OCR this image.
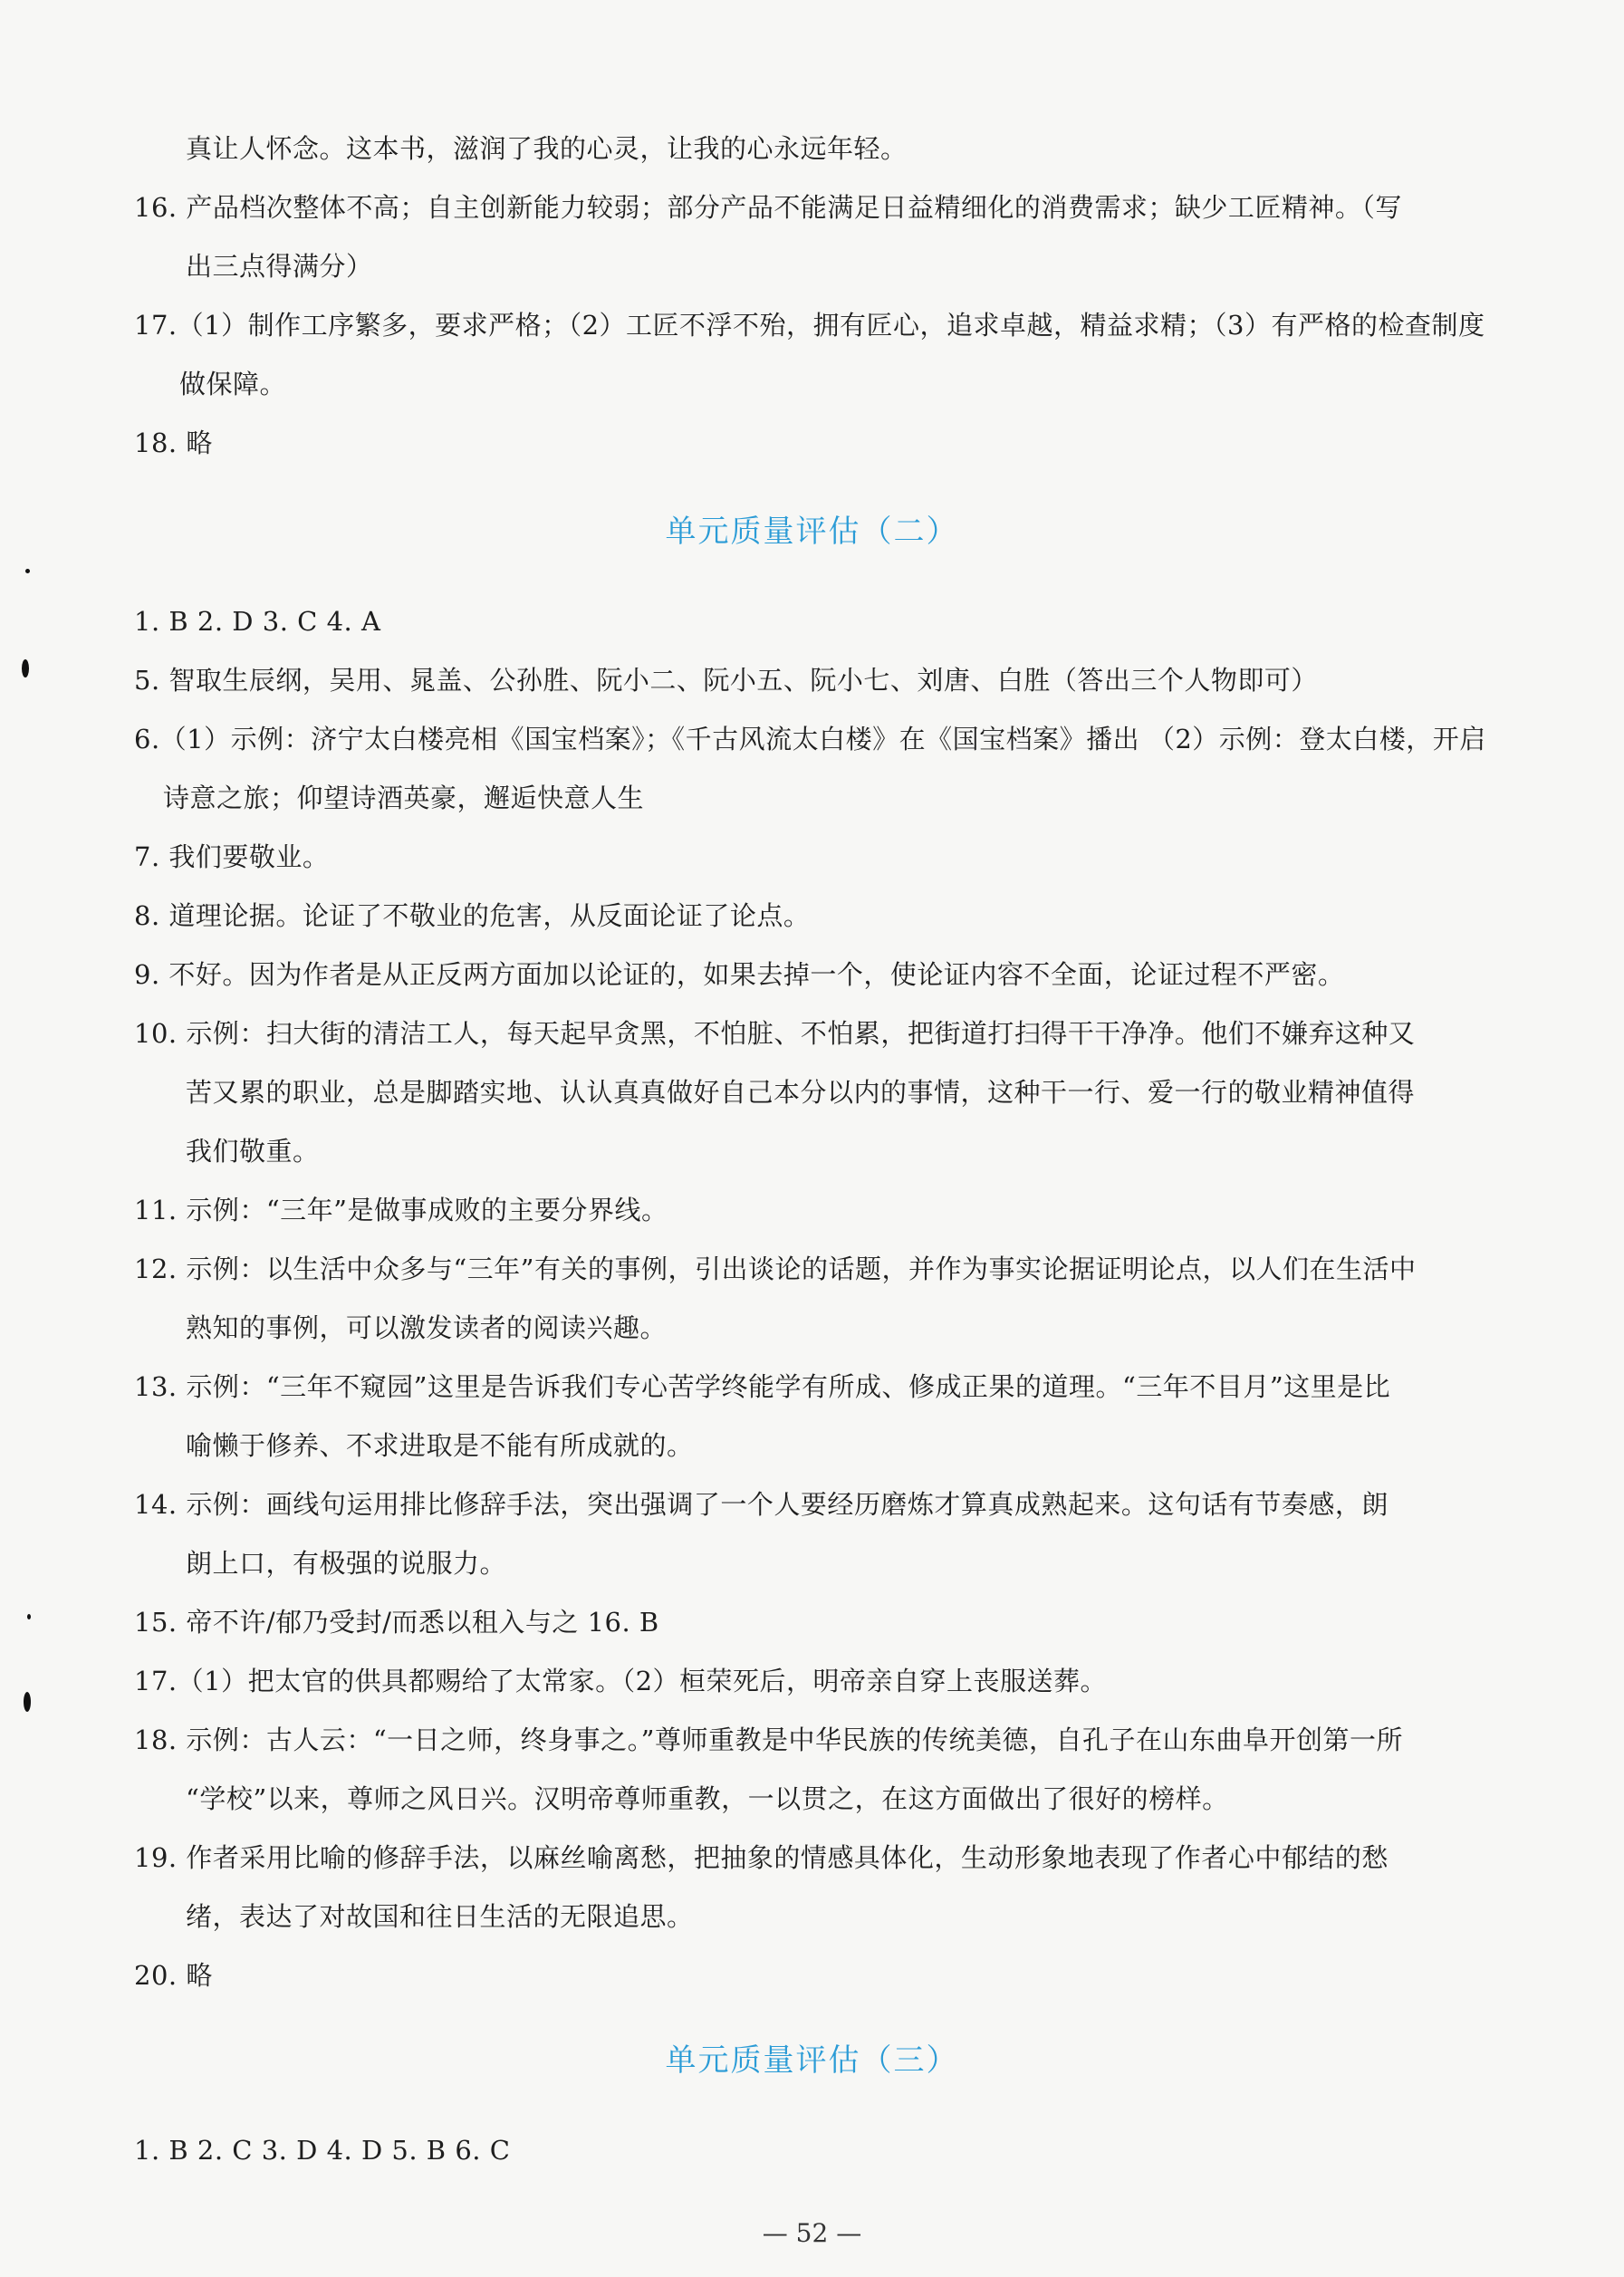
真让人怀念。这本书，滋润了我的心灵，让我的心永远年轻。
16. 产品档次整体不高；自主创新能力较弱；部分产品不能满足日益精细化的消费需求；缺少工匠精神。（写
出三点得满分）
17.（1）制作工序繁多，要求严格；（2）工匠不浮不殆，拥有匠心，追求卓越，精益求精；（3）有严格的检查制度
做保障。
18. 略
单元质量评估（二）
1. B 2. D 3. C 4. A
5. 智取生辰纲，吴用、晁盖、公孙胜、阮小二、阮小五、阮小七、刘唐、白胜（答出三个人物即可）
6.（1）示例：济宁太白楼亮相《国宝档案》；《千古风流太白楼》在《国宝档案》播出 （2）示例：登太白楼，开启
诗意之旅；仰望诗酒英豪，邂逅快意人生
7. 我们要敬业。
8. 道理论据。论证了不敬业的危害，从反面论证了论点。
9. 不好。因为作者是从正反两方面加以论证的，如果去掉一个，使论证内容不全面，论证过程不严密。
10. 示例：扫大街的清洁工人，每天起早贪黑，不怕脏、不怕累，把街道打扫得干干净净。他们不嫌弃这种又
苦又累的职业，总是脚踏实地、认认真真做好自己本分以内的事情，这种干一行、爱一行的敬业精神值得
我们敬重。
11. 示例：“三年”是做事成败的主要分界线。
12. 示例：以生活中众多与“三年”有关的事例，引出谈论的话题，并作为事实论据证明论点，以人们在生活中
熟知的事例，可以激发读者的阅读兴趣。
13. 示例：“三年不窥园”这里是告诉我们专心苦学终能学有所成、修成正果的道理。“三年不目月”这里是比
喻懒于修养、不求进取是不能有所成就的。
14. 示例：画线句运用排比修辞手法，突出强调了一个人要经历磨炼才算真成熟起来。这句话有节奏感，朗
朗上口，有极强的说服力。
15. 帝不许/郁乃受封/而悉以租入与之 16. B
17.（1）把太官的供具都赐给了太常家。（2）桓荣死后，明帝亲自穿上丧服送葬。
18. 示例：古人云：“一日之师，终身事之。”尊师重教是中华民族的传统美德，自孔子在山东曲阜开创第一所
“学校”以来，尊师之风日兴。汉明帝尊师重教，一以贯之，在这方面做出了很好的榜样。
19. 作者采用比喻的修辞手法，以麻丝喻离愁，把抽象的情感具体化，生动形象地表现了作者心中郁结的愁
绪，表达了对故国和往日生活的无限追思。
20. 略
单元质量评估（三）
1. B 2. C 3. D 4. D 5. B 6. C
— 52 —
